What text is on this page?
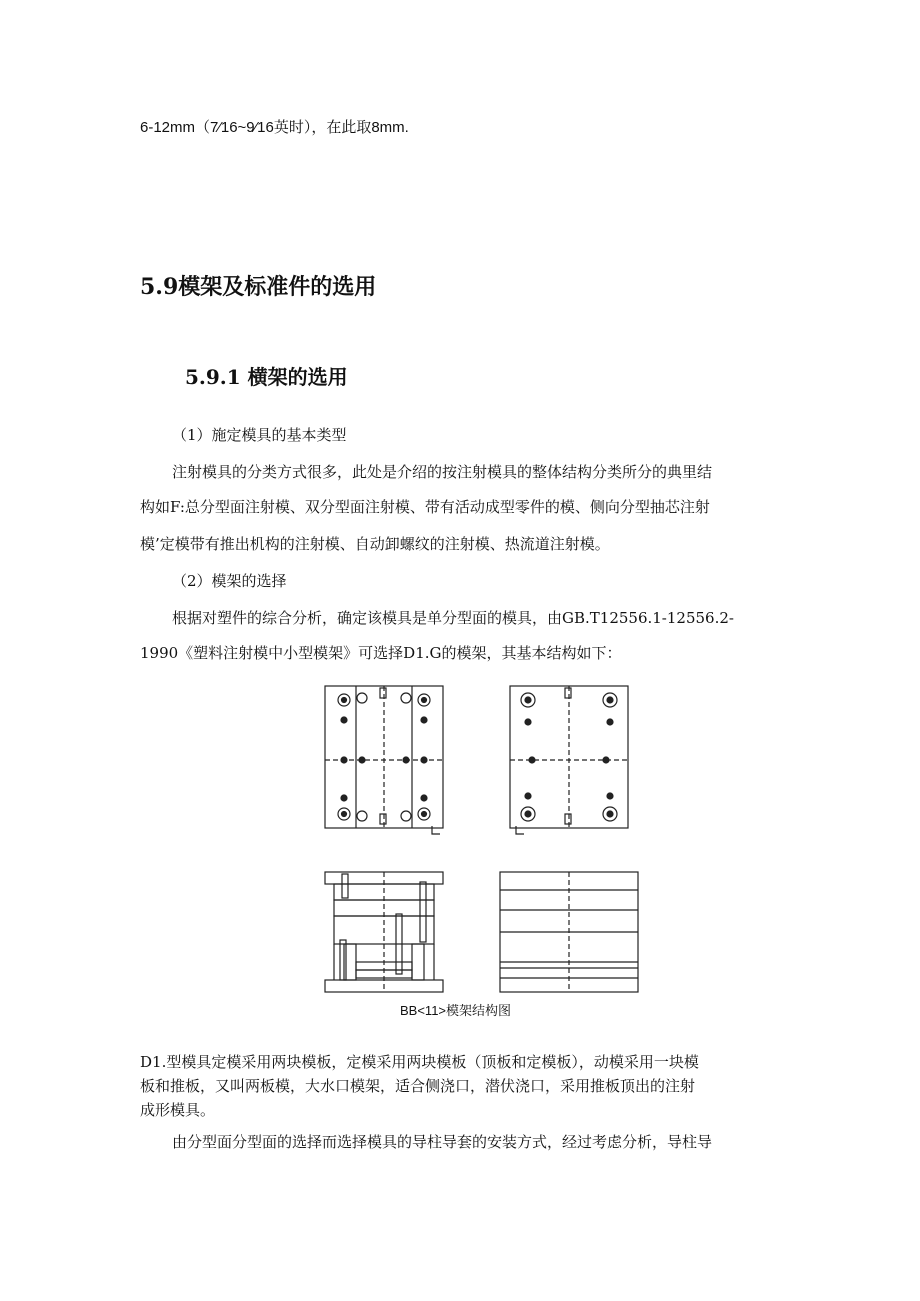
6-12mm（7⁄16~9⁄16英时），在此取8mm.
5.9模架及标准件的选用
5.9.1 横架的选用
（1）施定模具的基本类型
注射模具的分类方式很多，此处是介绍的按注射模具的整体结构分类所分的典里结
构如F:总分型面注射模、双分型面注射模、带有活动成型零件的模、侧向分型抽芯注射
模’定模带有推出机构的注射模、自动卸螺纹的注射模、热流道注射模。
（2）模架的选择
根据对塑件的综合分析，确定该模具是单分型面的模具，由GB.T12556.1-12556.2-
1990《塑料注射模中小型模架》可选择D1.G的模架，其基本结构如下：
BB<11>模架结构图
D1.型模具定模采用两块模板，定模采用两块模板（顶板和定模板），动模采用一块模
板和推板，又叫两板模，大水口模架，适合侧浇口，潜伏浇口，采用推板顶出的注射
成形模具。
由分型面分型面的选择而选择模具的导柱导套的安装方式，经过考虑分析，导柱导
